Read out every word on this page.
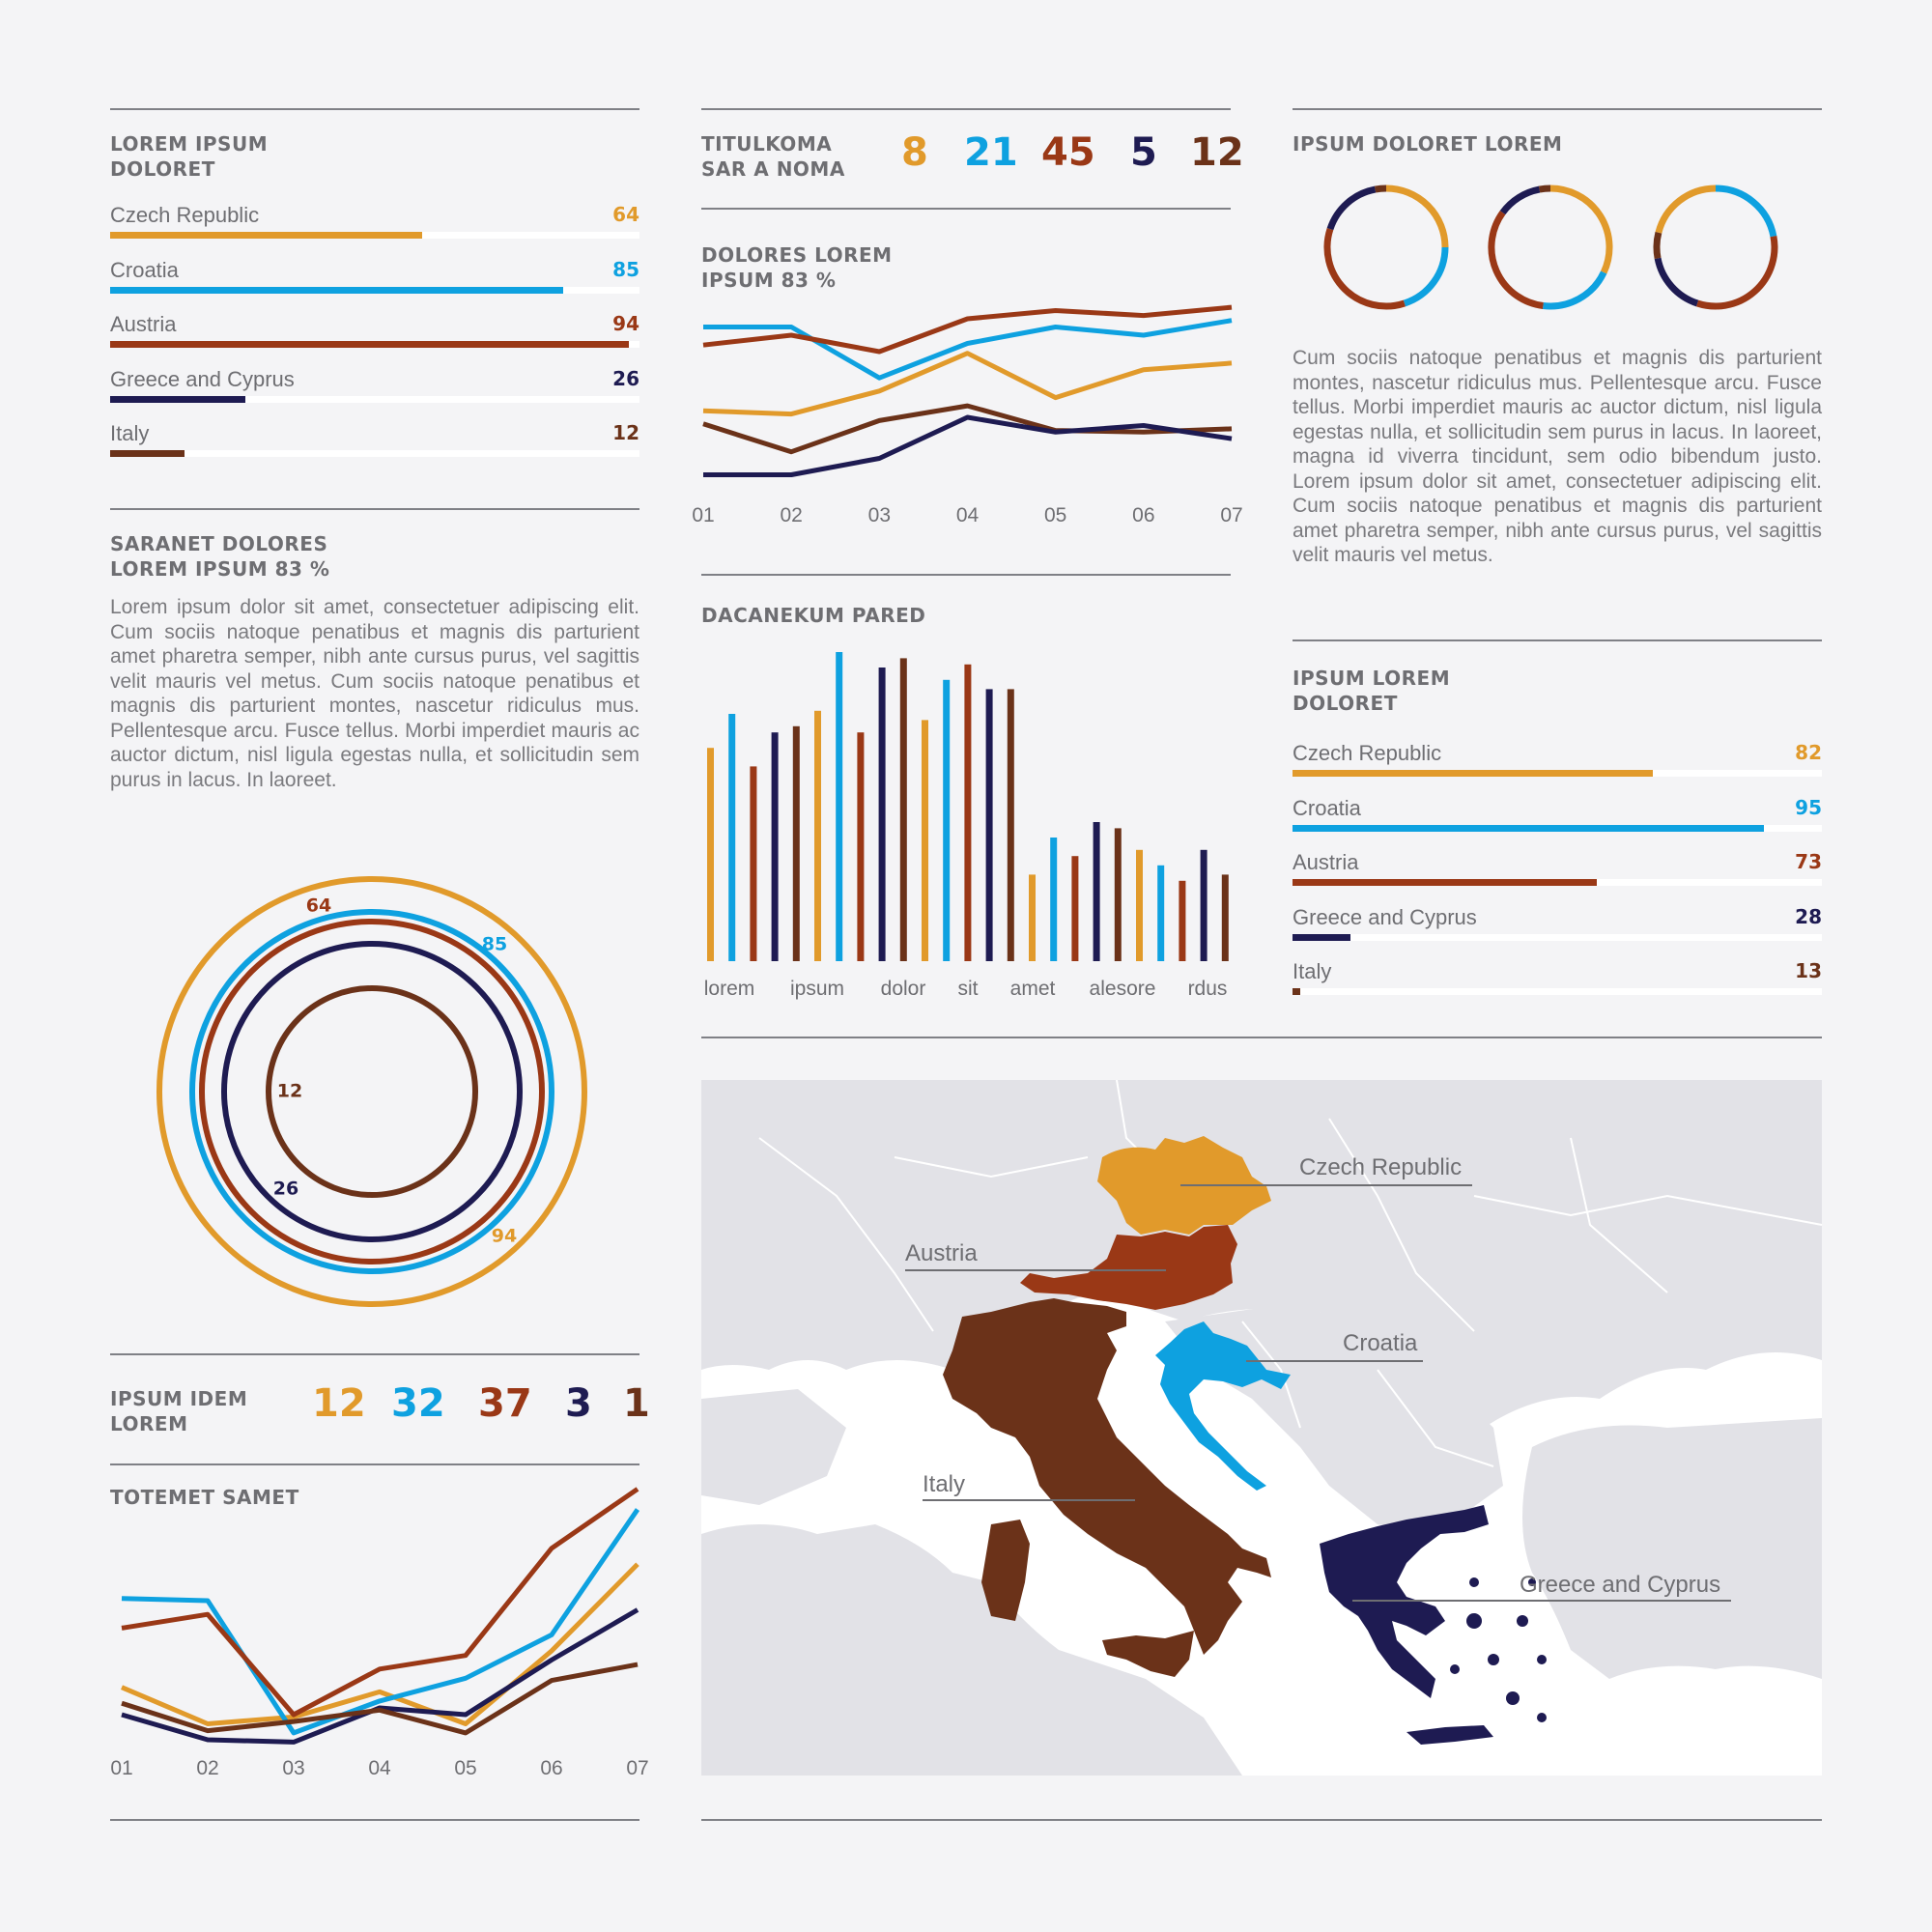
LOREM IPSUM
DOLORET
Czech Republic	64
Croatia	85
Austria	94
Greece and Cyprus	26
Italy	12
SARANET DOLORES
LOREM IPSUM 83 %
Lorem ipsum dolor sit amet, consectetuer adipiscing elit. Cum sociis natoque penatibus et magnis dis parturient amet pharetra semper, nibh ante cursus purus, vel sagittis velit mauris vel metus. Cum sociis natoque penatibus et magnis dis parturient montes, nascetur ridiculus mus. Pellentesque arcu. Fusce tellus. Morbi imperdiet mauris ac auctor dictum, nisl ligula egestas nulla, et sollicitudin sem purus in lacus. In laoreet.
64
85
94
26
12
IPSUM IDEM
LOREM	12 32 37 3 1
TOTEMET SAMET
01	02	03	04	05	06	07
TITULKOMA
SAR A NOMA 8 21 45 5 12
DOLORES LOREM
IPSUM 83 %
01	02	03	04	05	06	07
DACANEKUM PARED
lorem ipsum dolor sit amet alesore rdus
Czech Republic
Austria
Croatia
Italy
Greece and Cyprus
IPSUM DOLORET LOREM
Cum sociis natoque penatibus et magnis dis parturient montes, nascetur ridiculus mus. Pellentesque arcu. Fusce tellus. Morbi imperdiet mauris ac auctor dictum, nisl ligula egestas nulla, et sollicitudin sem purus in lacus. In laoreet, magna id viverra tincidunt, sem odio bibendum justo. Lorem ipsum dolor sit amet, consectetuer adipiscing elit. Cum sociis natoque penatibus et magnis dis parturient amet pharetra semper, nibh ante cursus purus, vel sagittis velit mauris vel metus.
IPSUM LOREM
DOLORET
Czech Republic	82
Croatia	95
Austria	73
Greece and Cyprus	28
Italy	13
